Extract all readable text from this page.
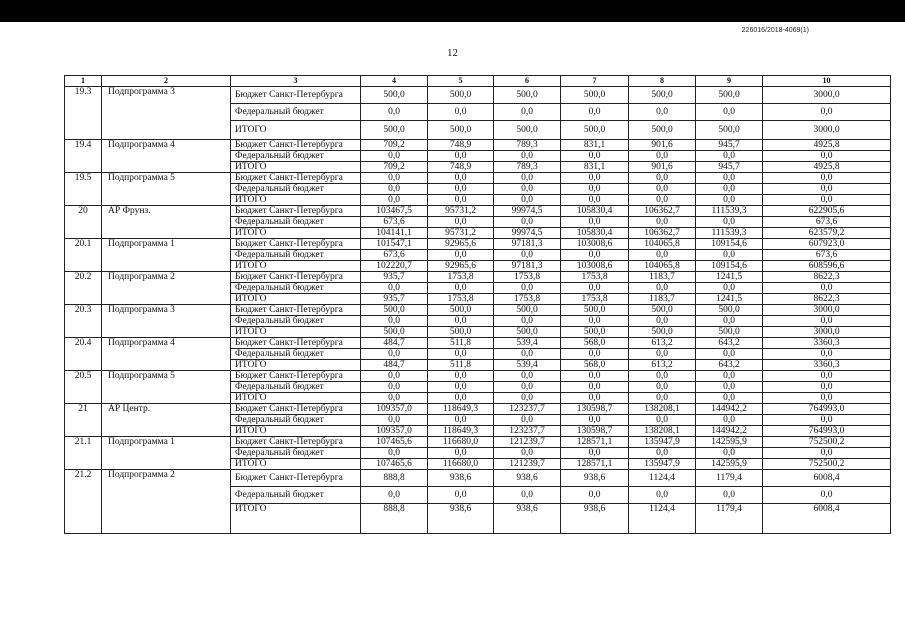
226016/2018-4069(1)
12
1	2	3	4	5	6	7	8	9	10
19.3	Подпрограмма 3	Бюджет Санкт-Петербурга	500,0	500,0	500,0	500,0	500,0	500,0	3000,0
		Федеральный бюджет	0,0	0,0	0,0	0,0	0,0	0,0	0,0
		ИТОГО	500,0	500,0	500,0	500,0	500,0	500,0	3000,0
19.4	Подпрограмма 4	Бюджет Санкт-Петербурга	709,2	748,9	789,3	831,1	901,6	945,7	4925,8
		Федеральный бюджет	0,0	0,0	0,0	0,0	0,0	0,0	0,0
		ИТОГО	709,2	748,9	789,3	831,1	901,6	945,7	4925,8
19.5	Подпрограмма 5	Бюджет Санкт-Петербурга	0,0	0,0	0,0	0,0	0,0	0,0	0,0
		Федеральный бюджет	0,0	0,0	0,0	0,0	0,0	0,0	0,0
		ИТОГО	0,0	0,0	0,0	0,0	0,0	0,0	0,0
20	АР Фрунз.	Бюджет Санкт-Петербурга	103467,5	95731,2	99974,5	105830,4	106362,7	111539,3	622905,6
		Федеральный бюджет	673,6	0,0	0,0	0,0	0,0	0,0	673,6
		ИТОГО	104141,1	95731,2	99974,5	105830,4	106362,7	111539,3	623579,2
20.1	Подпрограмма 1	Бюджет Санкт-Петербурга	101547,1	92965,6	97181,3	103008,6	104065,8	109154,6	607923,0
		Федеральный бюджет	673,6	0,0	0,0	0,0	0,0	0,0	673,6
		ИТОГО	102220,7	92965,6	97181,3	103008,6	104065,8	109154,6	608596,6
20.2	Подпрограмма 2	Бюджет Санкт-Петербурга	935,7	1753,8	1753,8	1753,8	1183,7	1241,5	8622,3
		Федеральный бюджет	0,0	0,0	0,0	0,0	0,0	0,0	0,0
		ИТОГО	935,7	1753,8	1753,8	1753,8	1183,7	1241,5	8622,3
20.3	Подпрограмма 3	Бюджет Санкт-Петербурга	500,0	500,0	500,0	500,0	500,0	500,0	3000,0
		Федеральный бюджет	0,0	0,0	0,0	0,0	0,0	0,0	0,0
		ИТОГО	500,0	500,0	500,0	500,0	500,0	500,0	3000,0
20.4	Подпрограмма 4	Бюджет Санкт-Петербурга	484,7	511,8	539,4	568,0	613,2	643,2	3360,3
		Федеральный бюджет	0,0	0,0	0,0	0,0	0,0	0,0	0,0
		ИТОГО	484,7	511,8	539,4	568,0	613,2	643,2	3360,3
20.5	Подпрограмма 5	Бюджет Санкт-Петербурга	0,0	0,0	0,0	0,0	0,0	0,0	0,0
		Федеральный бюджет	0,0	0,0	0,0	0,0	0,0	0,0	0,0
		ИТОГО	0,0	0,0	0,0	0,0	0,0	0,0	0,0
21	АР Центр.	Бюджет Санкт-Петербурга	109357,0	118649,3	123237,7	130598,7	138208,1	144942,2	764993,0
		Федеральный бюджет	0,0	0,0	0,0	0,0	0,0	0,0	0,0
		ИТОГО	109357,0	118649,3	123237,7	130598,7	138208,1	144942,2	764993,0
21.1	Подпрограмма 1	Бюджет Санкт-Петербурга	107465,6	116680,0	121239,7	128571,1	135947,9	142595,9	752500,2
		Федеральный бюджет	0,0	0,0	0,0	0,0	0,0	0,0	0,0
		ИТОГО	107465,6	116680,0	121239,7	128571,1	135947,9	142595,9	752500,2
21.2	Подпрограмма 2	Бюджет Санкт-Петербурга	888,8	938,6	938,6	938,6	1124,4	1179,4	6008,4
		Федеральный бюджет	0,0	0,0	0,0	0,0	0,0	0,0	0,0
		ИТОГО	888,8	938,6	938,6	938,6	1124,4	1179,4	6008,4
